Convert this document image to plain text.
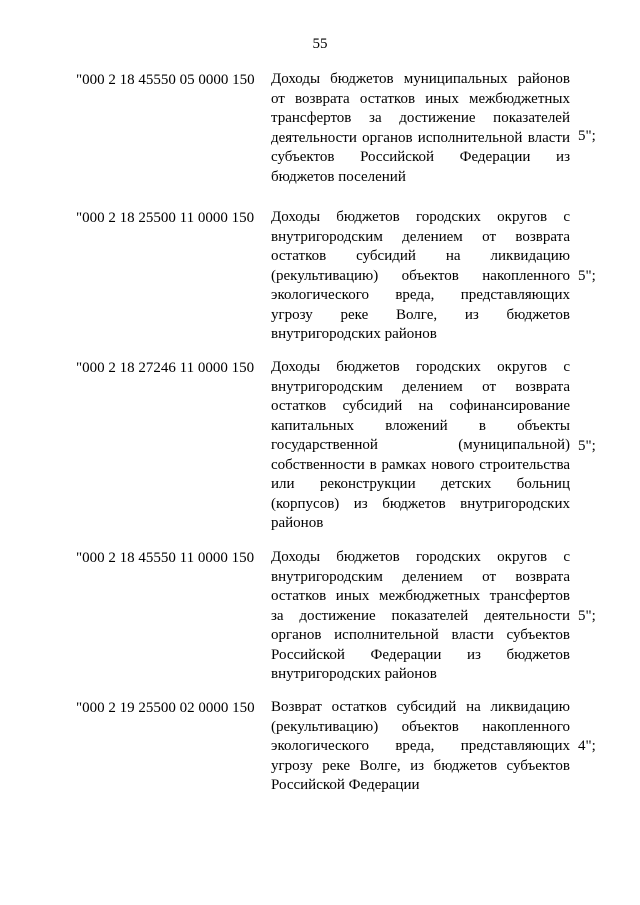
55
"000 2 18 45550 05 0000 150 Доходы бюджетов муниципальных районов
от возврата остатков иных межбюджетных
трансфертов за достижение показателей
деятельности органов исполнительной власти
субъектов Российской Федерации из
бюджетов поселений
5";
"000 2 18 25500 11 0000 150 Доходы бюджетов городских округов с
внутригородским делением от возврата
остатков субсидий на ликвидацию
(рекультивацию) объектов накопленного
экологического вреда, представляющих
угрозу реке Волге, из бюджетов
внутригородских районов
5";
"000 2 18 27246 11 0000 150 Доходы бюджетов городских округов с
внутригородским делением от возврата
остатков субсидий на софинансирование
капитальных вложений в объекты
государственной (муниципальной)
собственности в рамках нового строительства
или реконструкции детских больниц
(корпусов) из бюджетов внутригородских
районов
5";
"000 2 18 45550 11 0000 150 Доходы бюджетов городских округов с
внутригородским делением от возврата
остатков иных межбюджетных трансфертов
за достижение показателей деятельности
органов исполнительной власти субъектов
Российской Федерации из бюджетов
внутригородских районов
5";
"000 2 19 25500 02 0000 150 Возврат остатков субсидий на ликвидацию
(рекультивацию) объектов накопленного
экологического вреда, представляющих
угрозу реке Волге, из бюджетов субъектов
Российской Федерации
4";
